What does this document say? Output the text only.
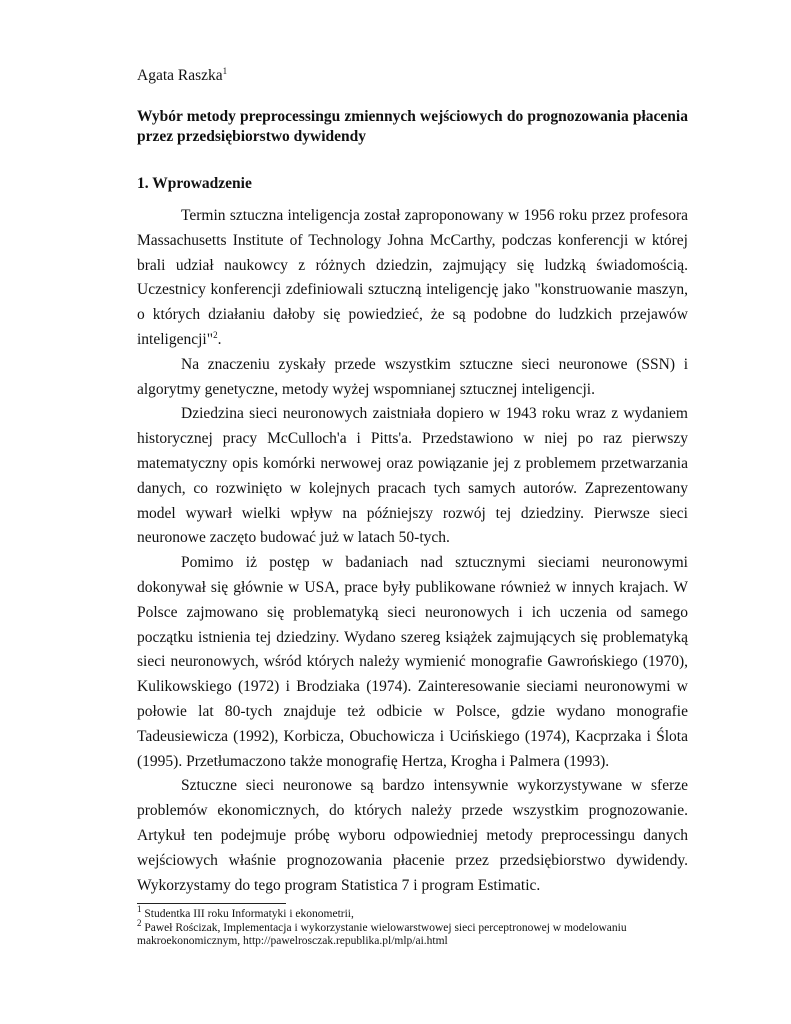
Agata Raszka$^1$
Wybór metody preprocessingu zmiennych wejściowych do prognozowania płacenia przez przedsiębiorstwo dywidendy
1. Wprowadzenie

Termin sztuczna inteligencja został zaproponowany w 1956 roku przez profesora Massachusetts Institute of Technology Johna McCarthy, podczas konferencji w której brali udział naukowcy z różnych dziedzin, zajmujący się ludzką świadomością. Uczestnicy konferencji zdefiniowali sztuczną inteligencję jako "konstruowanie maszyn, o których działaniu dałoby się powiedzieć, że są podobne do ludzkich przejawów inteligencji"$^2$.

Na znaczeniu zyskały przede wszystkim sztuczne sieci neuronowe (SSN) i algorytmy genetyczne, metody wyżej wspomnianej sztucznej inteligencji.

Dziedzina sieci neuronowych zaistniała dopiero w 1943 roku wraz z wydaniem historycznej pracy McCulloch'a i Pitts'a. Przedstawiono w niej po raz pierwszy matematyczny opis komórki nerwowej oraz powiązanie jej z problemem przetwarzania danych, co rozwinięto w kolejnych pracach tych samych autorów. Zaprezentowany model wywarł wielki wpływ na późniejszy rozwój tej dziedziny. Pierwsze sieci neuronowe zaczęto budować już w latach 50-tych.

Pomimo iż postęp w badaniach nad sztucznymi sieciami neuronowymi dokonywał się głównie w USA, prace były publikowane również w innych krajach. W Polsce zajmowano się problematyką sieci neuronowych i ich uczenia od samego początku istnienia tej dziedziny. Wydano szereg książek zajmujących się problematyką sieci neuronowych, wśród których należy wymienić monografie Gawrońskiego (1970), Kulikowskiego (1972) i Brodziaka (1974). Zainteresowanie sieciami neuronowymi w połowie lat 80-tych znajduje też odbicie w Polsce, gdzie wydano monografie Tadeusiewicza (1992), Korbicza, Obuchowicza i Ucińskiego (1974), Kacprzaka i Ślota (1995). Przetłumaczono także monografię Hertza, Krogha i Palmera (1993).

Sztuczne sieci neuronowe są bardzo intensywnie wykorzystywane w sferze problemów ekonomicznych, do których należy przede wszystkim prognozowanie. Artykuł ten podejmuje próbę wyboru odpowiedniej metody preprocessingu danych wejściowych właśnie prognozowania płacenie przez przedsiębiorstwo dywidendy. Wykorzystamy do tego program Statistica 7 i program Estimatic.

$^1$ Studentka III roku Informatyki i ekonometrii,

$^2$ Paweł Rościzak, Implementacja i wykorzystanie wielowarstwowej sieci perceptronowej w modelowaniu makroekonomicznym, http://pawelrosczak.republika.pl/mlp/ai.html
